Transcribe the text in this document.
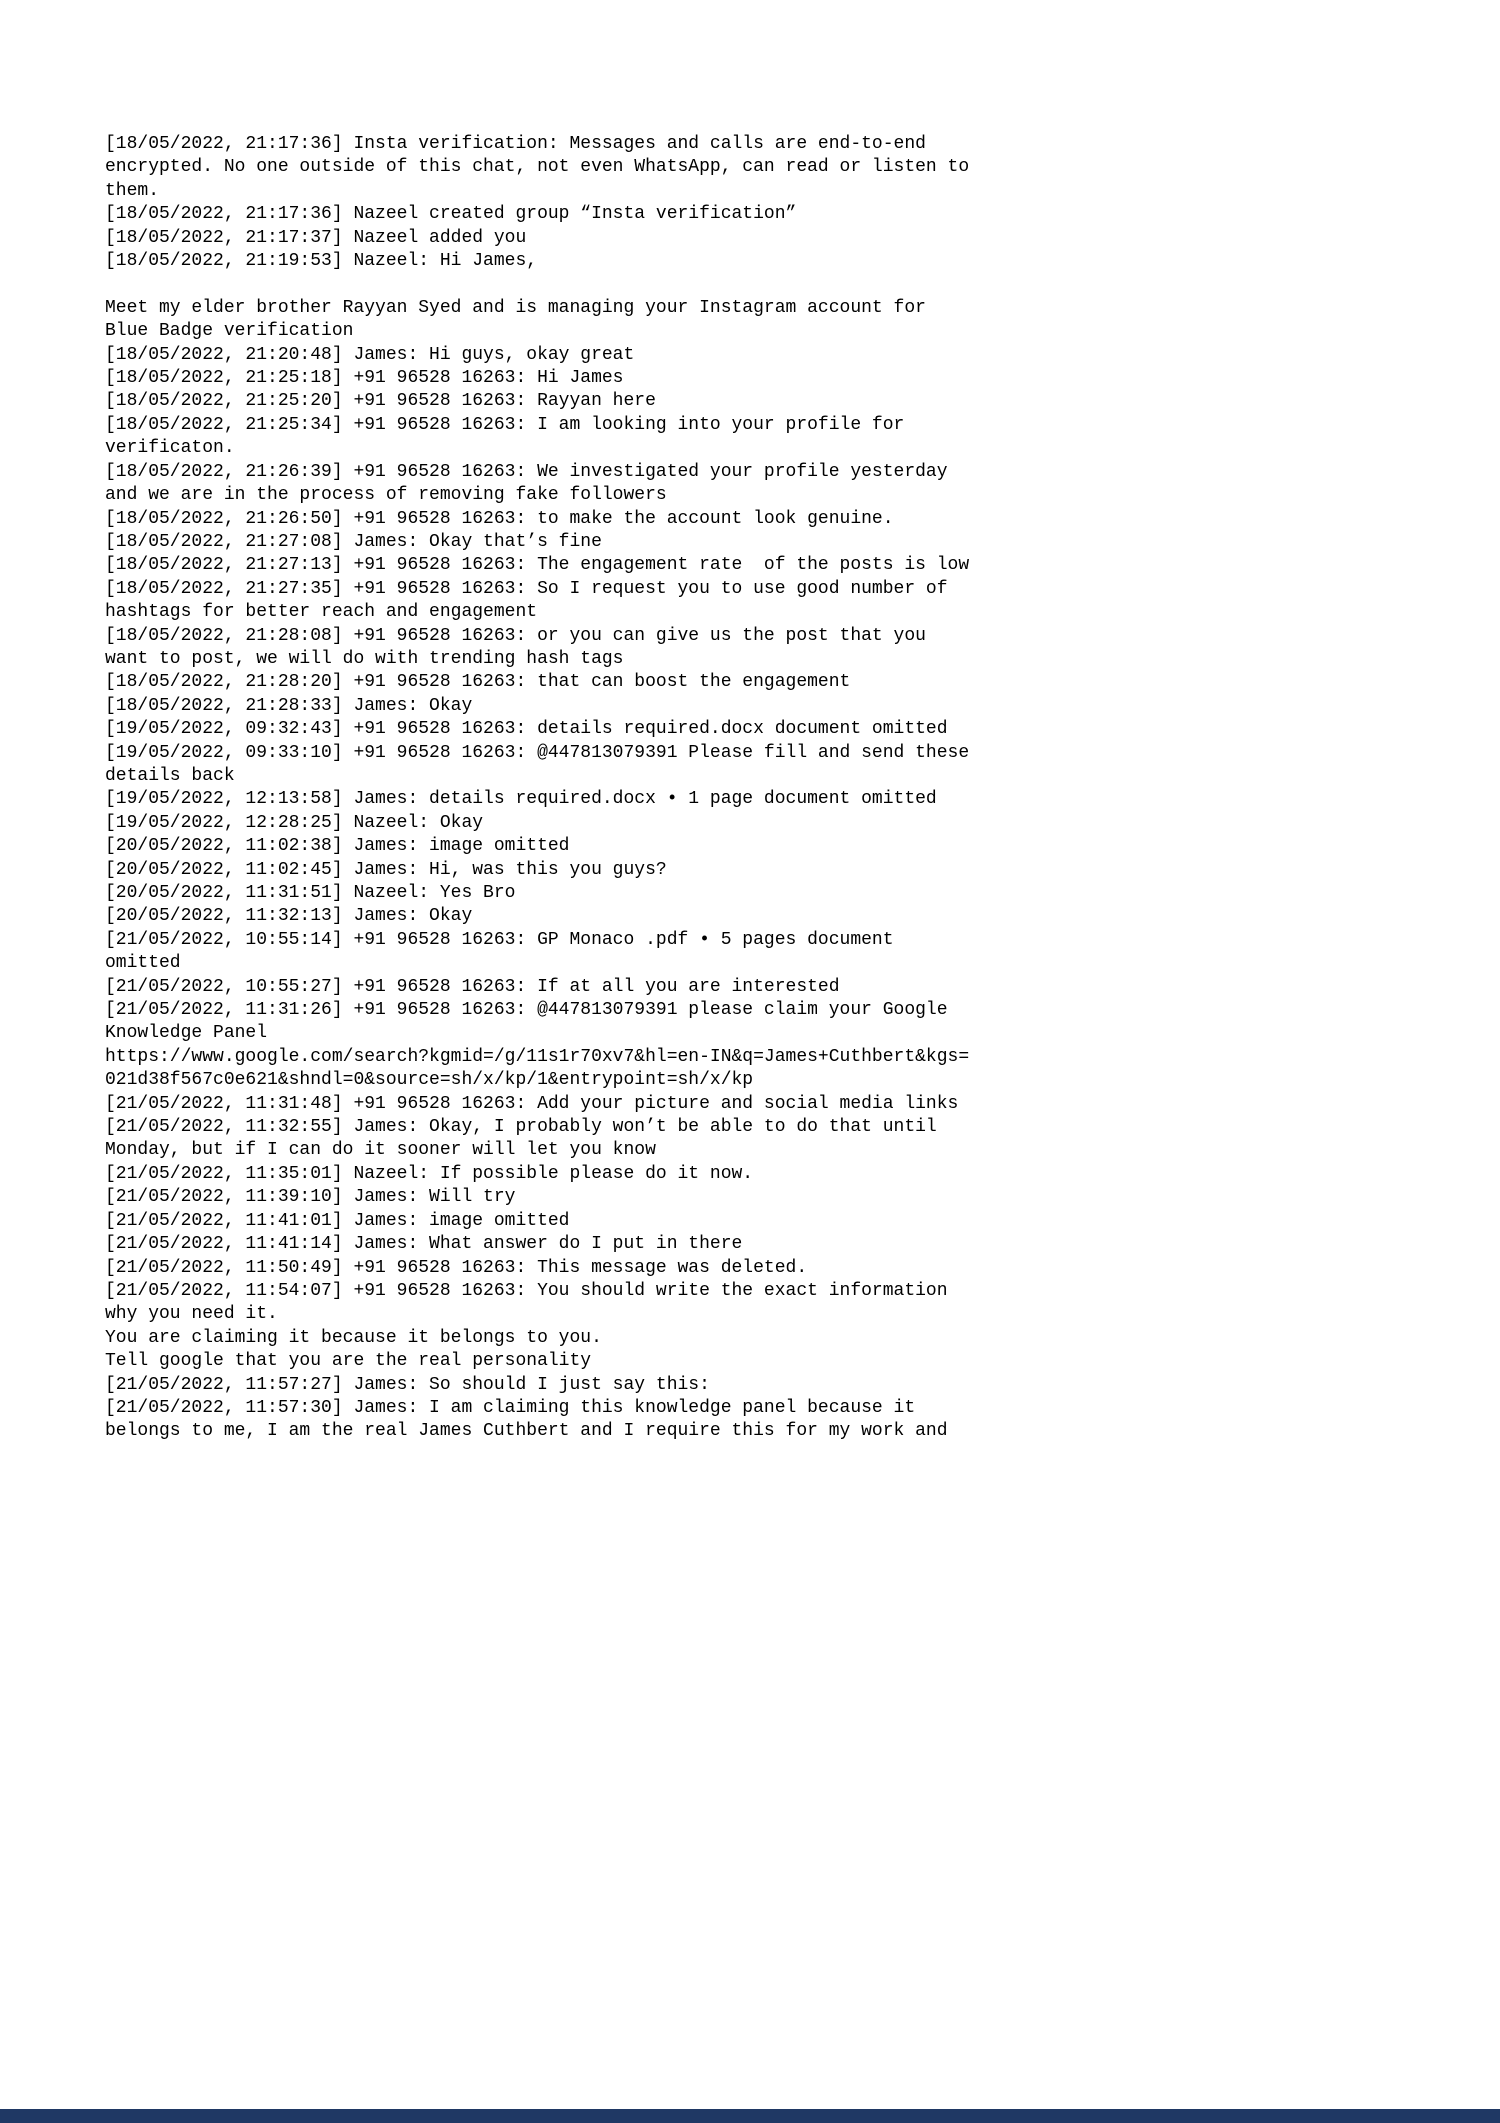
[18/05/2022, 21:17:36] Insta verification: Messages and calls are end-to-end
encrypted. No one outside of this chat, not even WhatsApp, can read or listen to
them.
[18/05/2022, 21:17:36] Nazeel created group “Insta verification”
[18/05/2022, 21:17:37] Nazeel added you
[18/05/2022, 21:19:53] Nazeel: Hi James,

Meet my elder brother Rayyan Syed and is managing your Instagram account for
Blue Badge verification
[18/05/2022, 21:20:48] James: Hi guys, okay great
[18/05/2022, 21:25:18] +91 96528 16263: Hi James
[18/05/2022, 21:25:20] +91 96528 16263: Rayyan here
[18/05/2022, 21:25:34] +91 96528 16263: I am looking into your profile for
verificaton.
[18/05/2022, 21:26:39] +91 96528 16263: We investigated your profile yesterday
and we are in the process of removing fake followers
[18/05/2022, 21:26:50] +91 96528 16263: to make the account look genuine.
[18/05/2022, 21:27:08] James: Okay that’s fine
[18/05/2022, 21:27:13] +91 96528 16263: The engagement rate  of the posts is low
[18/05/2022, 21:27:35] +91 96528 16263: So I request you to use good number of
hashtags for better reach and engagement
[18/05/2022, 21:28:08] +91 96528 16263: or you can give us the post that you
want to post, we will do with trending hash tags
[18/05/2022, 21:28:20] +91 96528 16263: that can boost the engagement
[18/05/2022, 21:28:33] James: Okay
[19/05/2022, 09:32:43] +91 96528 16263: details required.docx document omitted
[19/05/2022, 09:33:10] +91 96528 16263: @447813079391 Please fill and send these
details back
[19/05/2022, 12:13:58] James: details required.docx • 1 page document omitted
[19/05/2022, 12:28:25] Nazeel: Okay
[20/05/2022, 11:02:38] James: image omitted
[20/05/2022, 11:02:45] James: Hi, was this you guys?
[20/05/2022, 11:31:51] Nazeel: Yes Bro
[20/05/2022, 11:32:13] James: Okay
[21/05/2022, 10:55:14] +91 96528 16263: GP Monaco .pdf • 5 pages document
omitted
[21/05/2022, 10:55:27] +91 96528 16263: If at all you are interested
[21/05/2022, 11:31:26] +91 96528 16263: @447813079391 please claim your Google
Knowledge Panel
https://www.google.com/search?kgmid=/g/11s1r70xv7&hl=en-IN&q=James+Cuthbert&kgs=
021d38f567c0e621&shndl=0&source=sh/x/kp/1&entrypoint=sh/x/kp
[21/05/2022, 11:31:48] +91 96528 16263: Add your picture and social media links
[21/05/2022, 11:32:55] James: Okay, I probably won’t be able to do that until
Monday, but if I can do it sooner will let you know
[21/05/2022, 11:35:01] Nazeel: If possible please do it now.
[21/05/2022, 11:39:10] James: Will try
[21/05/2022, 11:41:01] James: image omitted
[21/05/2022, 11:41:14] James: What answer do I put in there
[21/05/2022, 11:50:49] +91 96528 16263: This message was deleted.
[21/05/2022, 11:54:07] +91 96528 16263: You should write the exact information
why you need it.
You are claiming it because it belongs to you.
Tell google that you are the real personality
[21/05/2022, 11:57:27] James: So should I just say this:
[21/05/2022, 11:57:30] James: I am claiming this knowledge panel because it
belongs to me, I am the real James Cuthbert and I require this for my work and
